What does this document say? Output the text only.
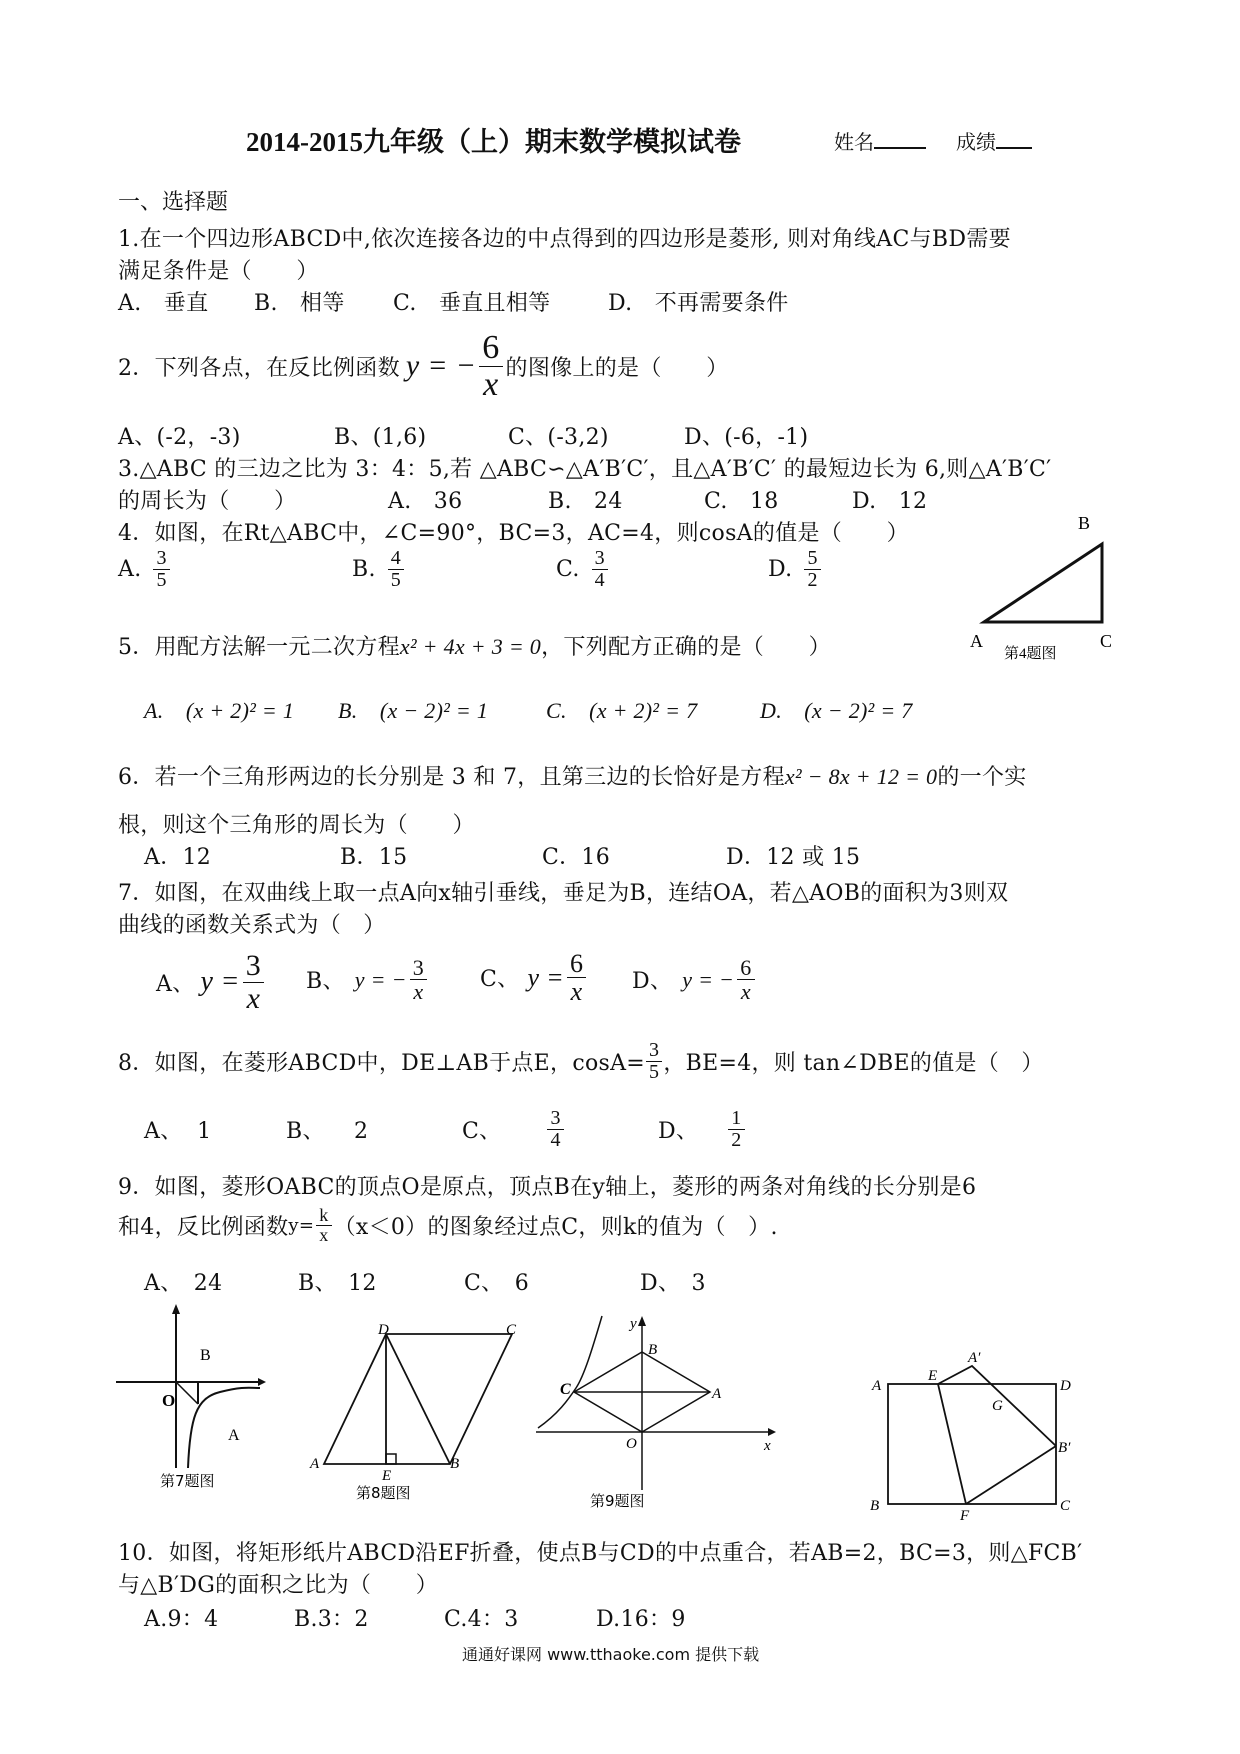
2014-2015九年级（上）期末数学模拟试卷	姓名	成绩
一、选择题
1.在一个四边形ABCD中,依次连接各边的中点得到的四边形是菱形, 则对角线AC与BD需要
满足条件是（　　）
A.　垂直 B.　相等 C.　垂直且相等	D.　不再需要条件
2．下列各点，在反比例函数 y = − $\frac{6}{x}$ 的图像上的是（　　）
A、(-2，-3)	B、(1,6)	C、(-3,2)	D、(-6，-1)
3.△ABC 的三边之比为 3：4：5,若 △ABC∽△A′B′C′，且△A′B′C′ 的最短边长为 6,则△A′B′C′
的周长为（　　）	A.　36	B.　24	C.　18	D.　12
4．如图，在Rt△ABC中，∠C=90°，BC=3，AC=4，则cosA的值是（　　）
A. $\frac{3}{5}$	B. $\frac{4}{5}$	C. $\frac{3}{4}$	D. $\frac{5}{2}$
A
B
C
第4题图
5．用配方法解一元二次方程x² + 4x + 3 = 0，下列配方正确的是（　　）
A.　(x + 2)² = 1 B.　(x − 2)² = 1	C.　(x + 2)² = 7	D.　(x − 2)² = 7
6．若一个三角形两边的长分别是 3 和 7，且第三边的长恰好是方程x² − 8x + 12 = 0的一个实
根，则这个三角形的周长为（　　）
A．12	B．15	C．16	D．12 或 15
7．如图，在双曲线上取一点A向x轴引垂线，垂足为B，连结OA，若△AOB的面积为3则双
曲线的函数关系式为（　）
A、 $y = \frac{3}{x}$ B、 y = − $\frac{3}{x}$ C、 $y = \frac{6}{x}$ D、 y = − $\frac{6}{x}$
8．如图，在菱形ABCD中，DE⊥AB于点E，$\cos A= \frac{3}{5}$ ，BE=4，则 tan∠DBE的值是（　）
A、 1	B、 2	C、 $\frac{3}{4}$	D、 $\frac{1}{2}$
9．如图，菱形OABC的顶点O是原点，顶点B在y轴上，菱形的两条对角线的长分别是6
和4，反比例函数 $y= \frac{k}{x} (x<0)$的图象经过点C，则k的值为（　）.
A、　24	B、　12	C、　6	D、　3
B
O
A
第7题图
D	C
A	B
E
第8题图
B
A
C
O	x
y
第9题图
A
B	C
D
E
F
G
A′
B′
10．如图，将矩形纸片ABCD沿EF折叠，使点B与CD的中点重合，若AB=2，BC=3，则△FCB′
与△B′DG的面积之比为（　　）
A.9：4	B.3：2	C.4：3	D.16：9
通通好课网 www.tthaoke.com 提供下载
